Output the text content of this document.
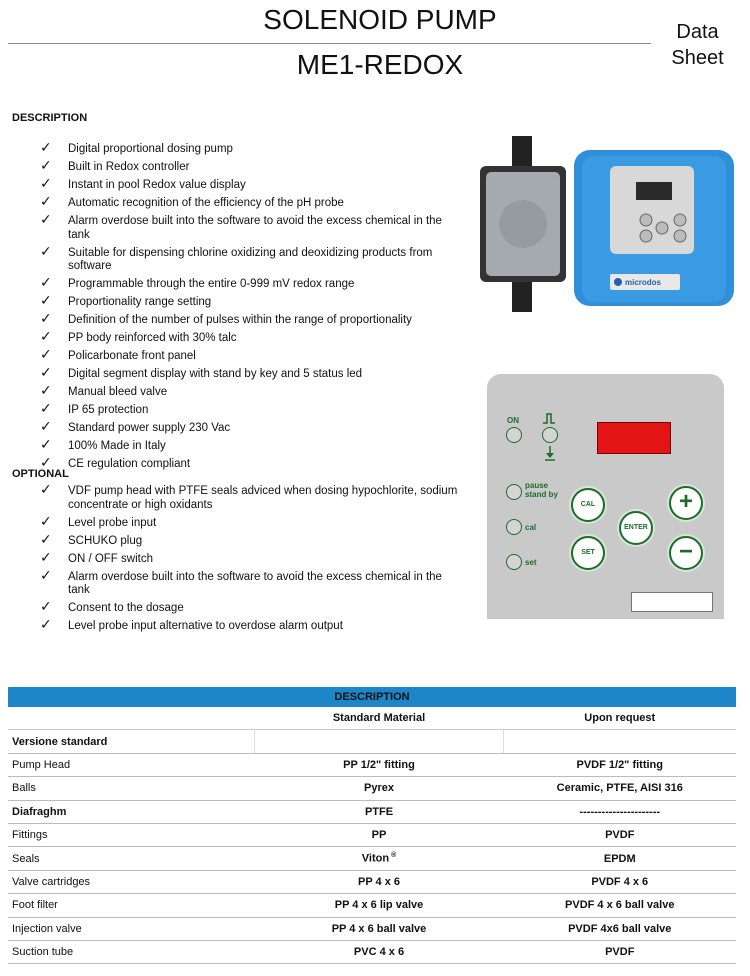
SOLENOID PUMP
ME1-REDOX
Data
Sheet
DESCRIPTION
✓ Digital proportional dosing pump
✓ Built in Redox controller
✓ Instant in pool Redox value display
✓ Automatic recognition of the efficiency of the pH probe
✓ Alarm overdose built into the software to avoid the excess chemical in the tank
✓ Suitable for dispensing chlorine oxidizing and deoxidizing products from software
✓ Programmable through the entire 0-999 mV redox range
✓ Proportionality range setting
✓ Definition of the number of pulses within the range of proportionality
✓ PP body reinforced with 30% talc
✓ Policarbonate front panel
✓ Digital segment display with stand by key and 5 status led
✓ Manual bleed valve
✓ IP 65 protection
✓ Standard power supply 230 Vac
✓ 100% Made in Italy
✓ CE regulation compliant
OPTIONAL
✓ VDF pump head with PTFE seals adviced when dosing hypochlorite, sodium concentrate or high oxidants
✓ Level probe input
✓ SCHUKO plug
✓ ON / OFF switch
✓ Alarm overdose built into the software to avoid the excess chemical in the tank
✓ Consent to the dosage
✓ Level probe input alternative to overdose alarm output
microdos
ON
pause
stand by
cal
set
CAL
SET
ENTER
+
−
DESCRIPTION		
	Standard Material	Upon request
Versione standard		
Pump Head	PP 1/2" fitting	PVDF 1/2" fitting
Balls	Pyrex	Ceramic, PTFE, AISI 316
Diafraghm	PTFE	----------------------
Fittings	PP	PVDF
Seals	Viton ®	EPDM
Valve cartridges	PP 4 x 6	PVDF 4 x 6
Foot filter	PP 4 x 6 lip valve	PVDF 4 x 6 ball valve
Injection valve	PP 4 x 6 ball valve	PVDF 4x6 ball valve
Suction tube	PVC 4 x 6	PVDF
